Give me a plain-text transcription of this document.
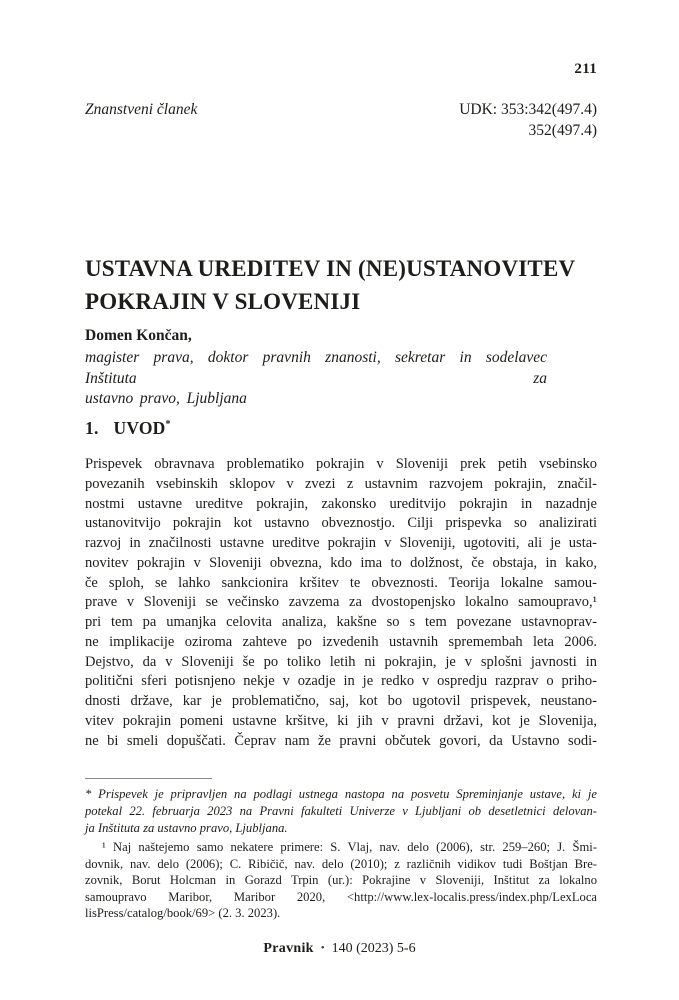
211
Znanstveni članek	UDK: 353:342(497.4)
352(497.4)
USTAVNA UREDITEV IN (NE)USTANOVITEV
POKRAJIN V SLOVENIJI
Domen Končan,
magister prava, doktor pravnih znanosti, sekretar in sodelavec Inštituta za
ustavno pravo, Ljubljana
1. UVOD*
Prispevek obravnava problematiko pokrajin v Sloveniji prek petih vsebinsko
povezanih vsebinskih sklopov v zvezi z ustavnim razvojem pokrajin, značil-
nostmi ustavne ureditve pokrajin, zakonsko ureditvijo pokrajin in nazadnje
ustanovitvijo pokrajin kot ustavno obveznostjo. Cilji prispevka so analizirati
razvoj in značilnosti ustavne ureditve pokrajin v Sloveniji, ugotoviti, ali je usta-
novitev pokrajin v Sloveniji obvezna, kdo ima to dolžnost, če obstaja, in kako,
če sploh, se lahko sankcionira kršitev te obveznosti. Teorija lokalne samou-
prave v Sloveniji se večinsko zavzema za dvostopenjsko lokalno samoupravo,¹
pri tem pa umanjka celovita analiza, kakšne so s tem povezane ustavnoprav-
ne implikacije oziroma zahteve po izvedenih ustavnih spremembah leta 2006.
Dejstvo, da v Sloveniji še po toliko letih ni pokrajin, je v splošni javnosti in
politični sferi potisnjeno nekje v ozadje in je redko v ospredju razprav o priho-
dnosti države, kar je problematično, saj, kot bo ugotovil prispevek, neustano-
vitev pokrajin pomeni ustavne kršitve, ki jih v pravni državi, kot je Slovenija,
ne bi smeli dopuščati. Čeprav nam že pravni občutek govori, da Ustavno sodi-
* Prispevek je pripravljen na podlagi ustnega nastopa na posvetu Spreminjanje ustave, ki je
potekal 22. februarja 2023 na Pravni fakulteti Univerze v Ljubljani ob desetletnici delovan-
ja Inštituta za ustavno pravo, Ljubljana.
¹ Naj naštejemo samo nekatere primere: S. Vlaj, nav. delo (2006), str. 259–260; J. Šmi-
dovnik, nav. delo (2006); C. Ribičič, nav. delo (2010); z različnih vidikov tudi Boštjan Bre-
zovnik, Borut Holcman in Gorazd Trpin (ur.): Pokrajine v Sloveniji, Inštitut za lokalno
samoupravo Maribor, Maribor 2020, <http://www.lex-localis.press/index.php/LexLoca
lisPress/catalog/book/69> (2. 3. 2023).
Pravnik • 140 (2023) 5-6
